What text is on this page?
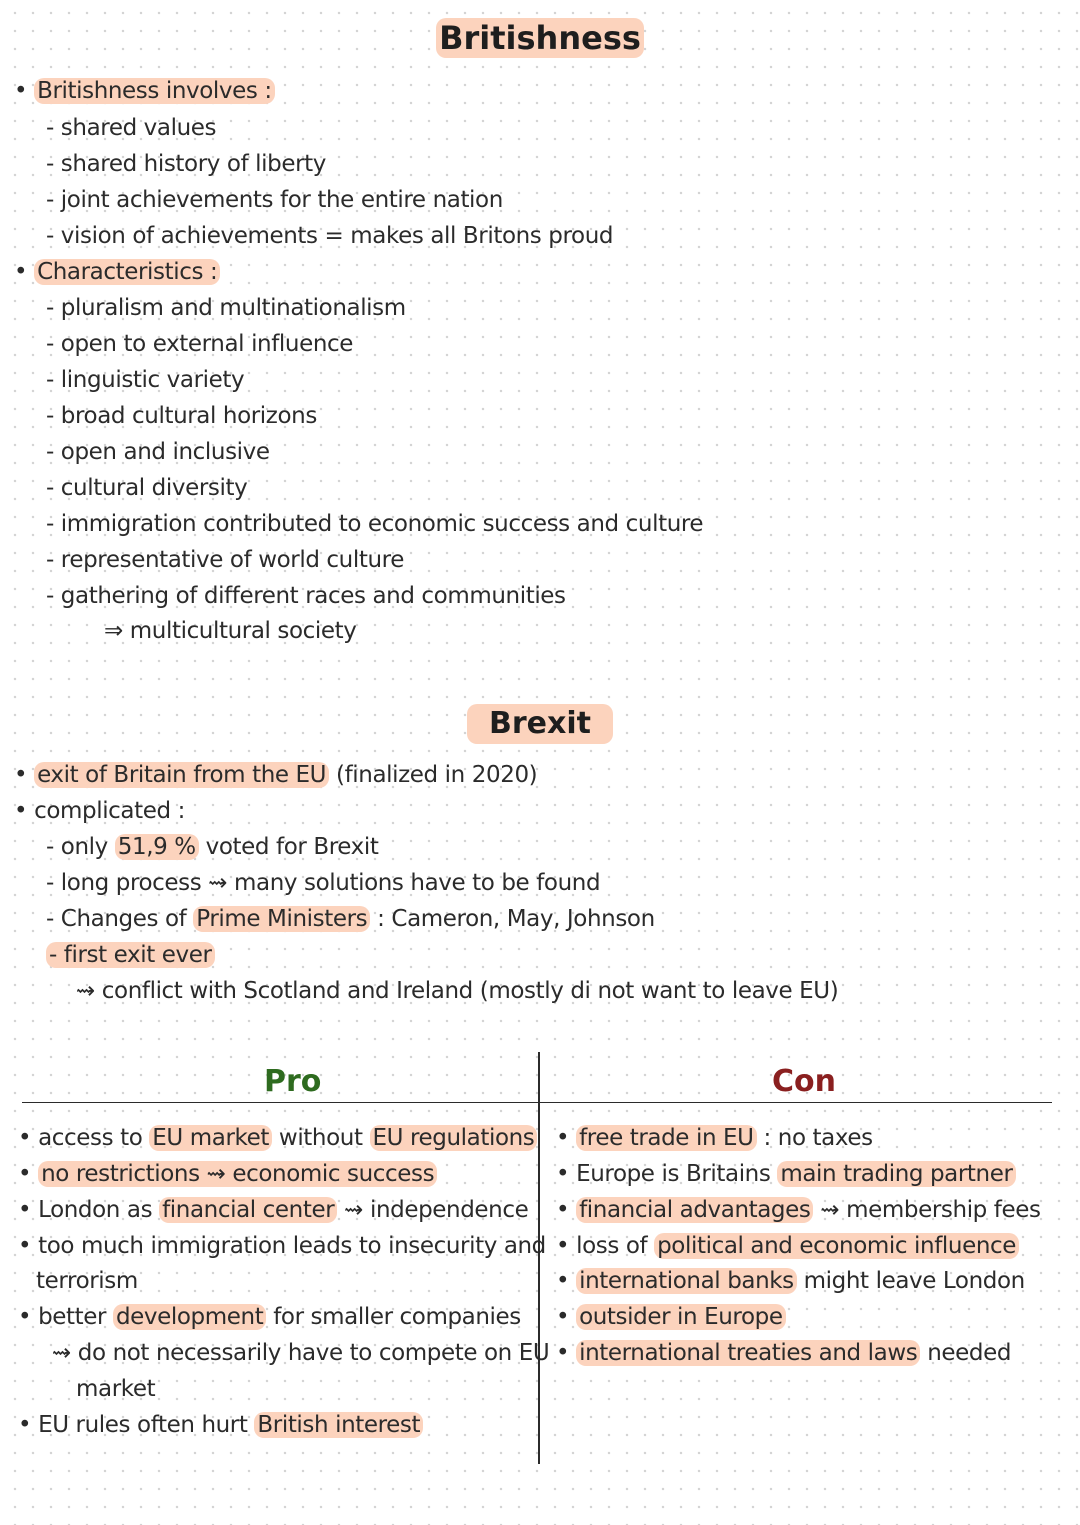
Britishness
• Britishness involves :
- shared values
- shared history of liberty
- joint achievements for the entire nation
- vision of achievements = makes all Britons proud
• Characteristics :
- pluralism and multinationalism
- open to external influence
- linguistic variety
- broad cultural horizons
- open and inclusive
- cultural diversity
- immigration contributed to economic success and culture
- representative of world culture
- gathering of different races and communities
⇒ multicultural society
Brexit
• exit of Britain from the EU (finalized in 2020)
• complicated :
- only 51,9 % voted for Brexit
- long process ⇝ many solutions have to be found
- Changes of Prime Ministers : Cameron, May, Johnson
- first exit ever
⇝ conflict with Scotland and Ireland (mostly di not want to leave EU)
Pro	Con
• access to EU market without EU regulations
• no restrictions ⇝ economic success
• London as financial center ⇝ independence
• too much immigration leads to insecurity and
terrorism
• better development for smaller companies
⇝ do not necessarily have to compete on EU
market
• EU rules often hurt British interest
• free trade in EU : no taxes
• Europe is Britains main trading partner
• financial advantages ⇝ membership fees
• loss of political and economic influence
• international banks might leave London
• outsider in Europe
• international treaties and laws needed
